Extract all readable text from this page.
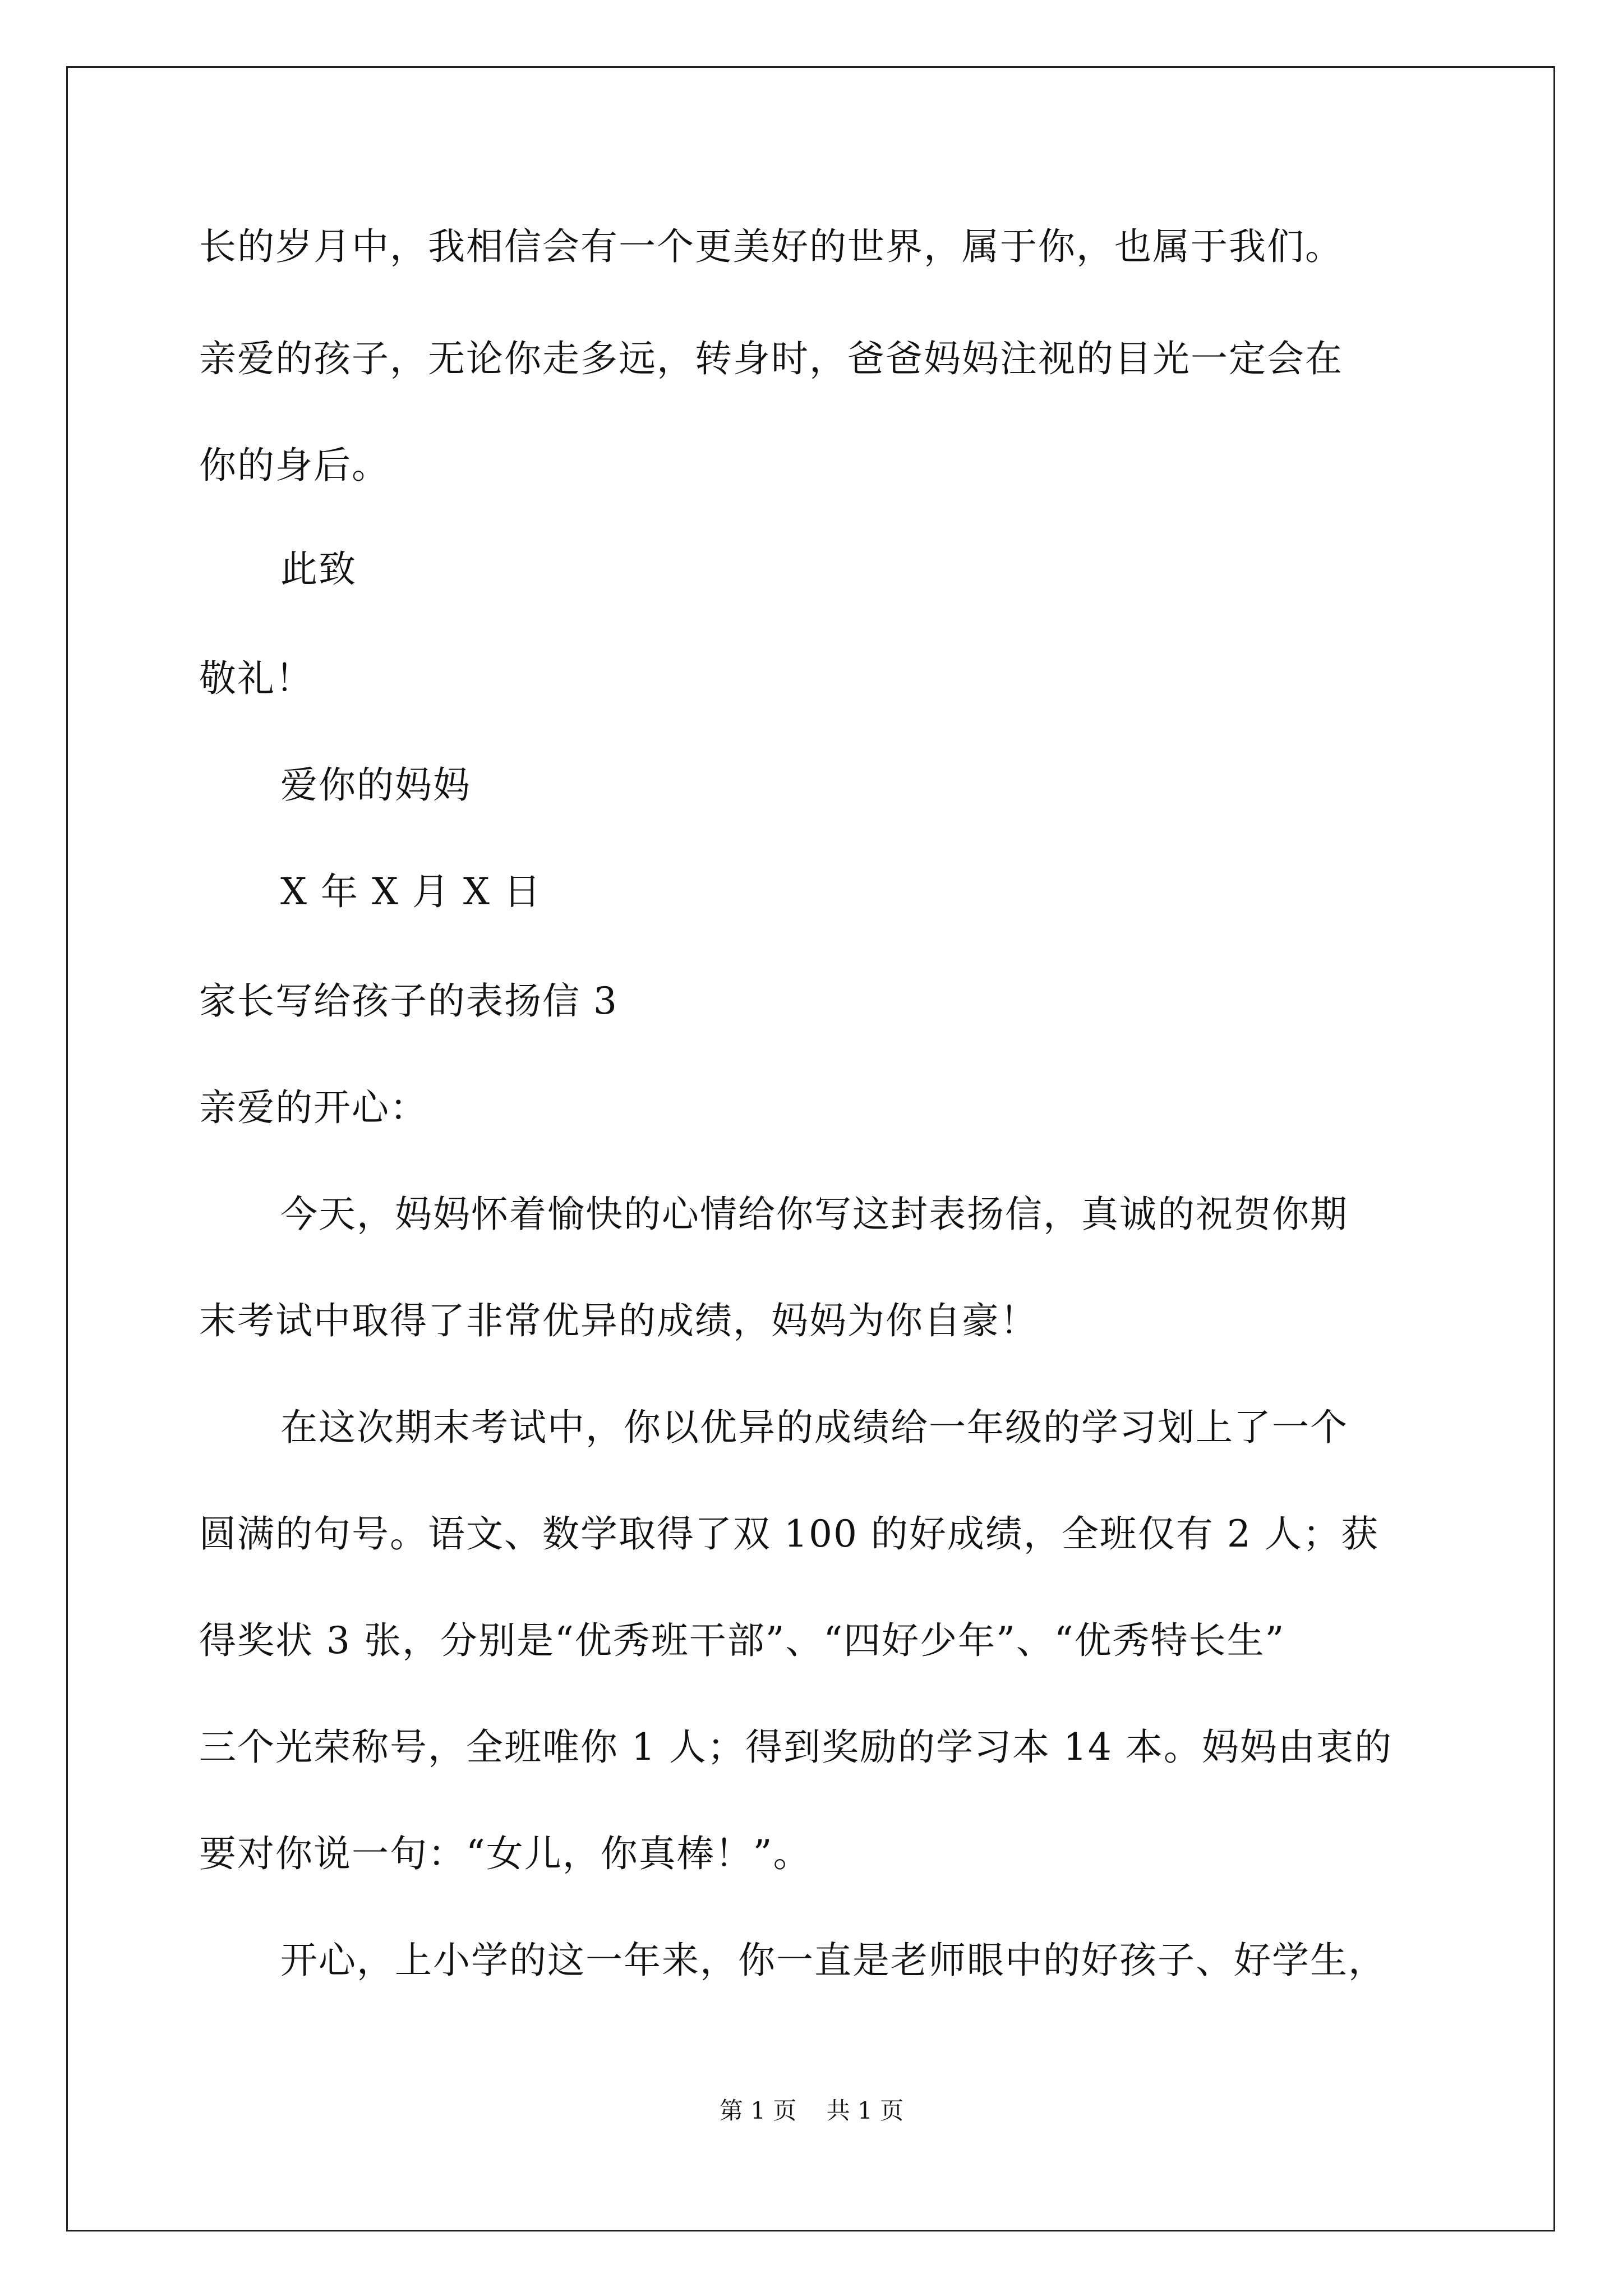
长的岁月中，我相信会有一个更美好的世界，属于你，也属于我们。
亲爱的孩子，无论你走多远，转身时，爸爸妈妈注视的目光一定会在
你的身后。
此致
敬礼！
爱你的妈妈
X 年 X 月 X 日
家长写给孩子的表扬信 3
亲爱的开心：
今天，妈妈怀着愉快的心情给你写这封表扬信，真诚的祝贺你期
末考试中取得了非常优异的成绩，妈妈为你自豪！
在这次期末考试中，你以优异的成绩给一年级的学习划上了一个
圆满的句号。语文、数学取得了双 100 的好成绩，全班仅有 2 人；获
得奖状 3 张，分别是“优秀班干部”、“四好少年”、“优秀特长生”
三个光荣称号，全班唯你 1 人；得到奖励的学习本 14 本。妈妈由衷的
要对你说一句：“女儿，你真棒！”。
开心，上小学的这一年来，你一直是老师眼中的好孩子、好学生，
第 1 页    共 1 页
